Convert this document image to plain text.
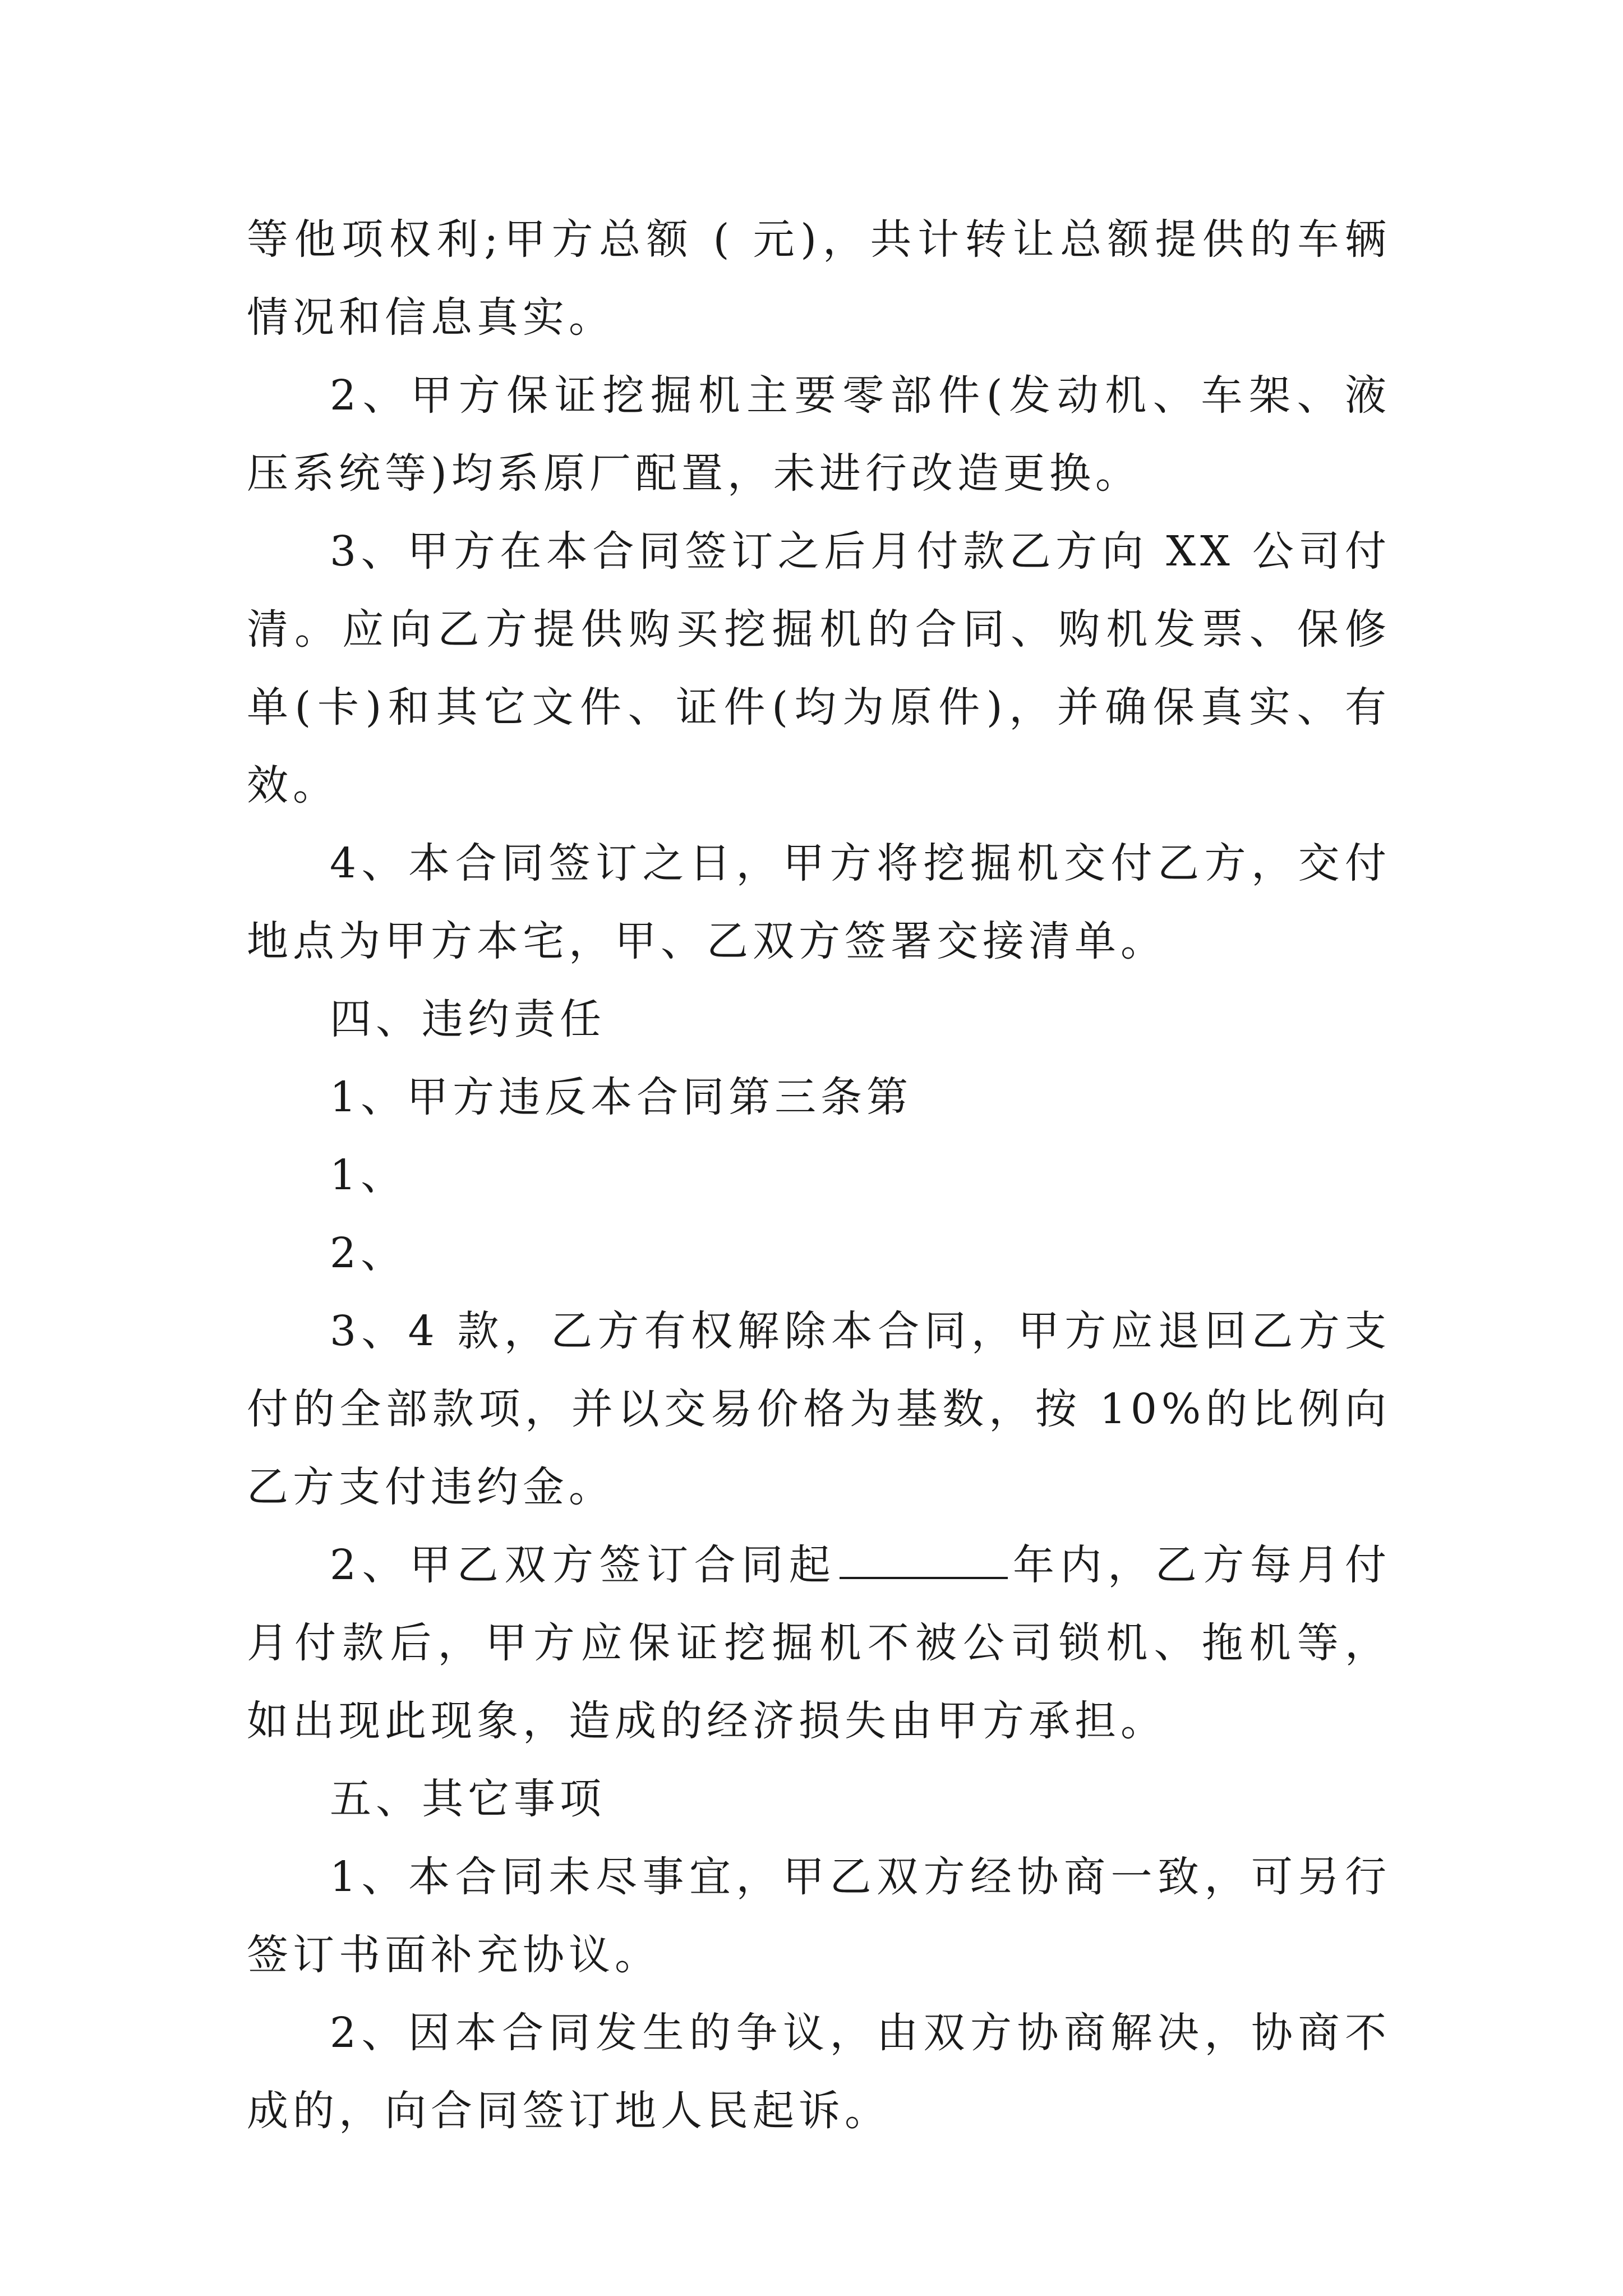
等他项权利;甲方总额 ( 元)，共计转让总额提供的车辆情况和信息真实。

2、甲方保证挖掘机主要零部件(发动机、车架、液压系统等)均系原厂配置，未进行改造更换。

3、甲方在本合同签订之后月付款乙方向 XX 公司付清。应向乙方提供购买挖掘机的合同、购机发票、保修单(卡)和其它文件、证件(均为原件)，并确保真实、有效。

4、本合同签订之日，甲方将挖掘机交付乙方，交付地点为甲方本宅，甲、乙双方签署交接清单。

四、违约责任

1、甲方违反本合同第三条第

1、

2、

3、4 款，乙方有权解除本合同，甲方应退回乙方支付的全部款项，并以交易价格为基数，按 10%的比例向乙方支付违约金。

2、甲乙双方签订合同起	年内，乙方每月付月付款后，甲方应保证挖掘机不被公司锁机、拖机等，如出现此现象，造成的经济损失由甲方承担。

五、其它事项

1、本合同未尽事宜，甲乙双方经协商一致，可另行签订书面补充协议。

2、因本合同发生的争议，由双方协商解决，协商不成的，向合同签订地人民起诉。
